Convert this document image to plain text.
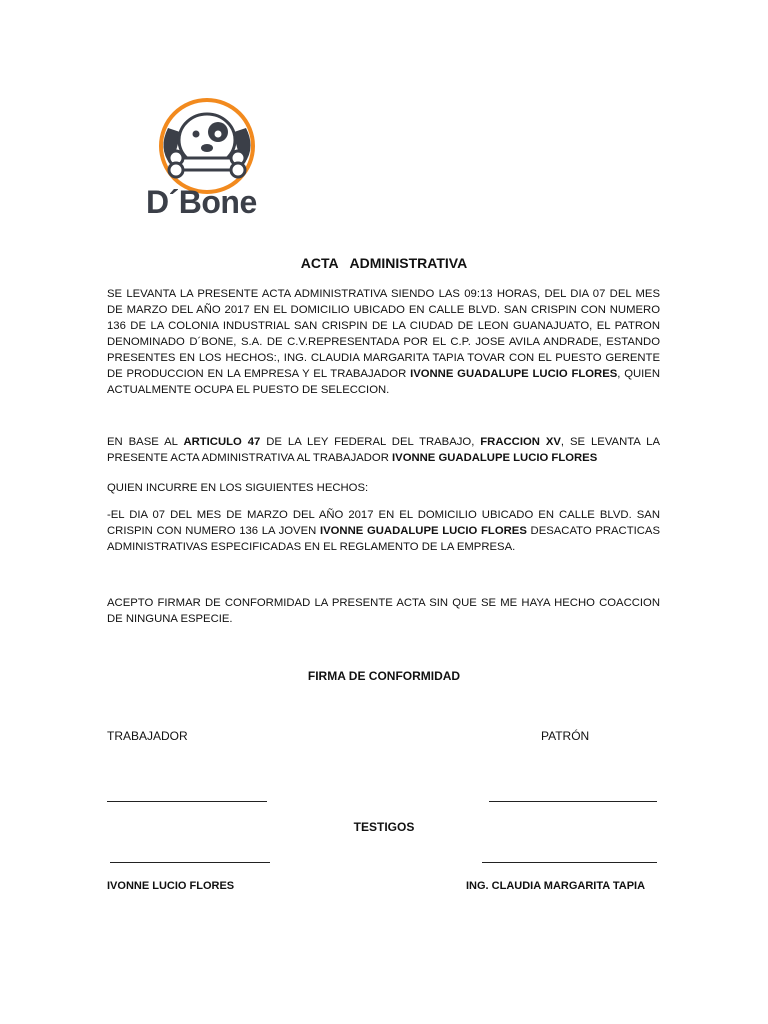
D´Bone
ACTA ADMINISTRATIVA
SE LEVANTA LA PRESENTE ACTA ADMINISTRATIVA SIENDO LAS 09:13 HORAS, DEL DIA 07 DEL MES DE MARZO DEL AÑO 2017 EN EL DOMICILIO UBICADO EN CALLE BLVD. SAN CRISPIN CON NUMERO 136 DE LA COLONIA INDUSTRIAL SAN CRISPIN DE LA CIUDAD DE LEON GUANAJUATO, EL PATRON DENOMINADO D´BONE, S.A. DE C.V.REPRESENTADA POR EL C.P. JOSE AVILA ANDRADE, ESTANDO PRESENTES EN LOS HECHOS:, ING. CLAUDIA MARGARITA TAPIA TOVAR CON EL PUESTO GERENTE DE PRODUCCION EN LA EMPRESA Y EL TRABAJADOR IVONNE GUADALUPE LUCIO FLORES, QUIEN ACTUALMENTE OCUPA EL PUESTO DE SELECCION.
EN BASE AL ARTICULO 47 DE LA LEY FEDERAL DEL TRABAJO, FRACCION XV, SE LEVANTA LA PRESENTE ACTA ADMINISTRATIVA AL TRABAJADOR IVONNE GUADALUPE LUCIO FLORES
QUIEN INCURRE EN LOS SIGUIENTES HECHOS:
-EL DIA 07 DEL MES DE MARZO DEL AÑO 2017 EN EL DOMICILIO UBICADO EN CALLE BLVD. SAN CRISPIN CON NUMERO 136 LA JOVEN IVONNE GUADALUPE LUCIO FLORES DESACATO PRACTICAS ADMINISTRATIVAS ESPECIFICADAS EN EL REGLAMENTO DE LA EMPRESA.
ACEPTO FIRMAR DE CONFORMIDAD LA PRESENTE ACTA SIN QUE SE ME HAYA HECHO COACCION DE NINGUNA ESPECIE.
FIRMA DE CONFORMIDAD
TRABAJADOR	PATRÓN
TESTIGOS
IVONNE LUCIO FLORES	ING. CLAUDIA MARGARITA TAPIA
